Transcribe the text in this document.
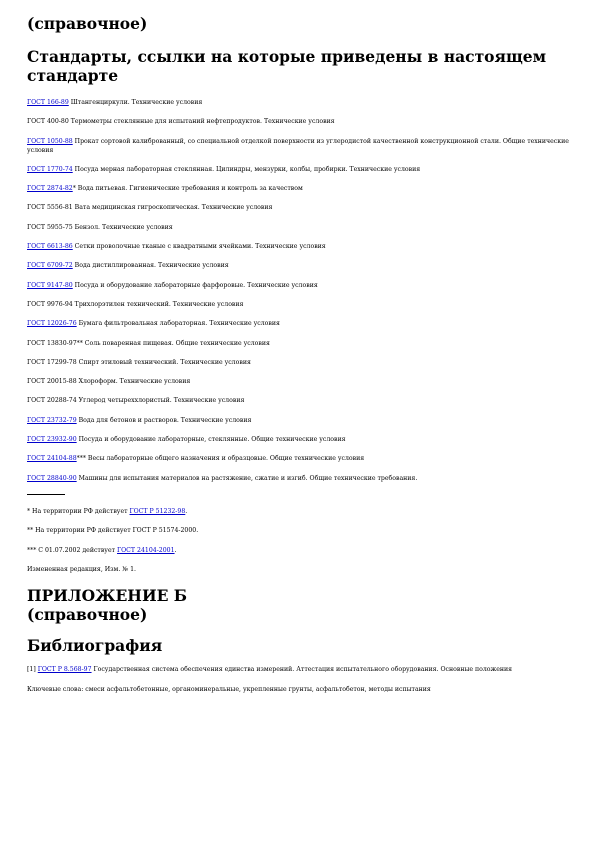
(справочное)

Стандарты, ссылки на которые приведены в настоящем стандарте

ГОСТ 166-89 Штангенциркули. Технические условия

ГОСТ 400-80 Термометры стеклянные для испытаний нефтепродуктов. Технические условия

ГОСТ 1050-88 Прокат сортовой калиброванный, со специальной отделкой поверхности из углеродистой качественной конструкционной стали. Общие технические условия

ГОСТ 1770-74 Посуда мерная лабораторная стеклянная. Цилиндры, мензурки, колбы, пробирки. Технические условия

ГОСТ 2874-82* Вода питьевая. Гигиенические требования и контроль за качеством

ГОСТ 5556-81 Вата медицинская гигроскопическая. Технические условия

ГОСТ 5955-75 Бензол. Технические условия

ГОСТ 6613-86 Сетки проволочные тканые с квадратными ячейками. Технические условия

ГОСТ 6709-72 Вода дистиллированная. Технические условия

ГОСТ 9147-80 Посуда и оборудование лабораторные фарфоровые. Технические условия

ГОСТ 9976-94 Трихлорэтилен технический. Технические условия

ГОСТ 12026-76 Бумага фильтровальная лабораторная. Технические условия

ГОСТ 13830-97** Соль поваренная пищевая. Общие технические условия

ГОСТ 17299-78 Спирт этиловый технический. Технические условия

ГОСТ 20015-88 Хлороформ. Технические условия

ГОСТ 20288-74 Углерод четыреххлористый. Технические условия

ГОСТ 23732-79 Вода для бетонов и растворов. Технические условия

ГОСТ 23932-90 Посуда и оборудование лабораторные, стеклянные. Общие технические условия

ГОСТ 24104-88*** Весы лабораторные общего назначения и образцовые. Общие технические условия

ГОСТ 28840-90 Машины для испытания материалов на растяжение, сжатие и изгиб. Общие технические требования.

* На территории РФ действует ГОСТ Р 51232-98.

** На территории РФ действует ГОСТ Р 51574-2000.

*** С 01.07.2002 действует ГОСТ 24104-2001.

Измененная редакция, Изм. № 1.

ПРИЛОЖЕНИЕ Б

(справочное)

Библиография

[1] ГОСТ Р 8.568-97 Государственная система обеспечения единства измерений. Аттестация испытательного оборудования. Основные положения

Ключевые слова: смеси асфальтобетонные, органоминеральные, укрепленные грунты, асфальтобетон, методы испытания
